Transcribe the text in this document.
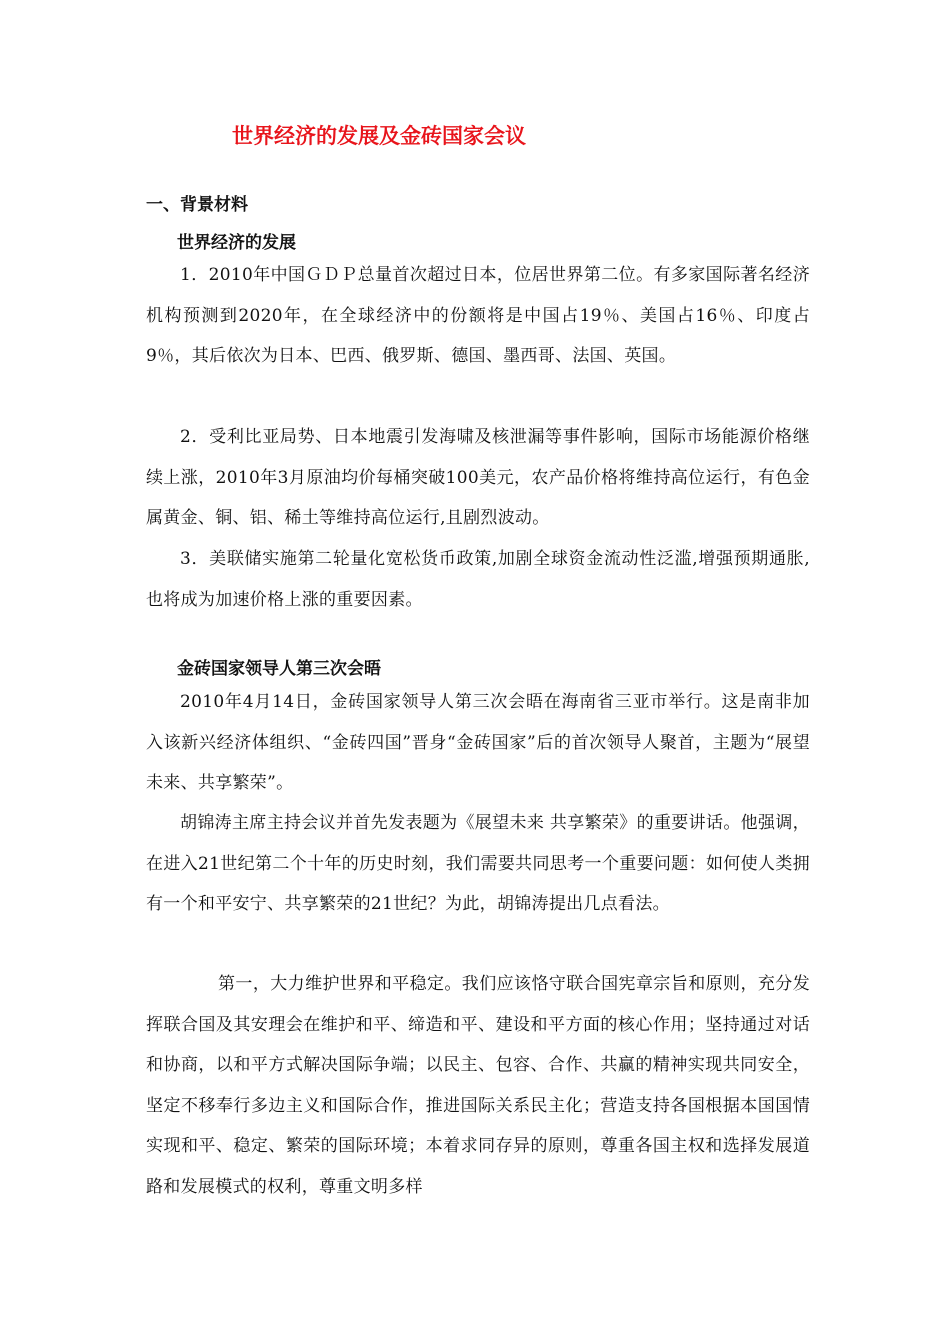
世界经济的发展及金砖国家会议
一、背景材料
世界经济的发展
1．2010年中国ＧＤＰ总量首次超过日本，位居世界第二位。有多家国际著名经济机构预测到2020年，在全球经济中的份额将是中国占19％、美国占16％、印度占9％，其后依次为日本、巴西、俄罗斯、德国、墨西哥、法国、英国。
2．受利比亚局势、日本地震引发海啸及核泄漏等事件影响，国际市场能源价格继续上涨，2010年3月原油均价每桶突破100美元，农产品价格将维持高位运行，有色金属黄金、铜、铝、稀土等维持高位运行,且剧烈波动。
3．美联储实施第二轮量化宽松货币政策,加剧全球资金流动性泛滥,增强预期通胀,也将成为加速价格上涨的重要因素。
金砖国家领导人第三次会晤
2010年4月14日，金砖国家领导人第三次会晤在海南省三亚市举行。这是南非加入该新兴经济体组织、“金砖四国”晋身“金砖国家”后的首次领导人聚首，主题为“展望未来、共享繁荣”。
胡锦涛主席主持会议并首先发表题为《展望未来 共享繁荣》的重要讲话。他强调，在进入21世纪第二个十年的历史时刻，我们需要共同思考一个重要问题：如何使人类拥有一个和平安宁、共享繁荣的21世纪？为此，胡锦涛提出几点看法。
第一，大力维护世界和平稳定。我们应该恪守联合国宪章宗旨和原则，充分发挥联合国及其安理会在维护和平、缔造和平、建设和平方面的核心作用；坚持通过对话和协商，以和平方式解决国际争端；以民主、包容、合作、共赢的精神实现共同安全，坚定不移奉行多边主义和国际合作，推进国际关系民主化；营造支持各国根据本国国情实现和平、稳定、繁荣的国际环境；本着求同存异的原则，尊重各国主权和选择发展道路和发展模式的权利，尊重文明多样
